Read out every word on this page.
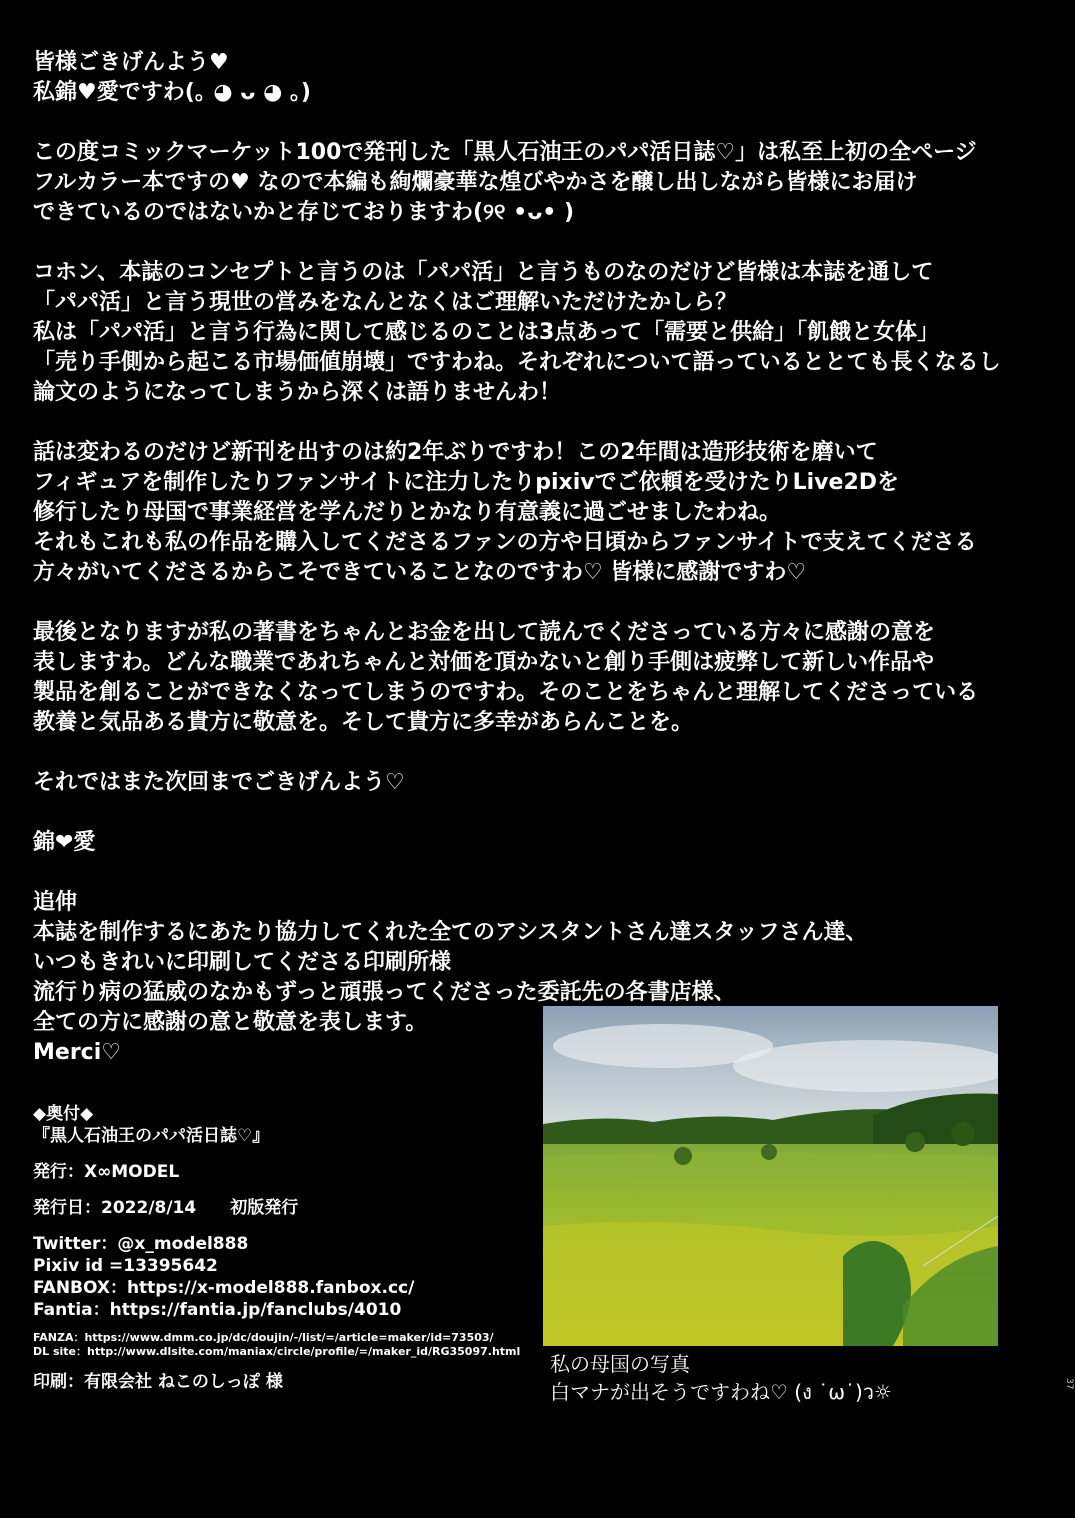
皆様ごきげんよう♥
私錦♥愛ですわ(｡ ◕ ᴗ ◕ ｡)
この度コミックマーケット100で発刊した「黒人石油王のパパ活日誌♡」は私至上初の全ページ
フルカラー本ですの♥ なので本編も絢爛豪華な煌びやかさを醸し出しながら皆様にお届け
できているのではないかと存じておりますわ(୨୧ •ᴗ• )
コホン、本誌のコンセプトと言うのは「パパ活」と言うものなのだけど皆様は本誌を通して
「パパ活」と言う現世の営みをなんとなくはご理解いただけたかしら？
私は「パパ活」と言う行為に関して感じるのことは3点あって「需要と供給」「飢餓と女体」
「売り手側から起こる市場価値崩壊」ですわね。それぞれについて語っているととても長くなるし
論文のようになってしまうから深くは語りませんわ！
話は変わるのだけど新刊を出すのは約2年ぶりですわ！この2年間は造形技術を磨いて
フィギュアを制作したりファンサイトに注力したりpixivでご依頼を受けたりLive2Dを
修行したり母国で事業経営を学んだりとかなり有意義に過ごせましたわね。
それもこれも私の作品を購入してくださるファンの方や日頃からファンサイトで支えてくださる
方々がいてくださるからこそできていることなのですわ♡ 皆様に感謝ですわ♡
最後となりますが私の著書をちゃんとお金を出して読んでくださっている方々に感謝の意を
表しますわ。どんな職業であれちゃんと対価を頂かないと創り手側は疲弊して新しい作品や
製品を創ることができなくなってしまうのですわ。そのことをちゃんと理解してくださっている
教養と気品ある貴方に敬意を。そして貴方に多幸があらんことを。
それではまた次回までごきげんよう♡
錦❤愛
追伸
本誌を制作するにあたり協力してくれた全てのアシスタントさん達スタッフさん達、
いつもきれいに印刷してくださる印刷所様
流行り病の猛威のなかもずっと頑張ってくださった委託先の各書店様、
全ての方に感謝の意と敬意を表します。
Merci♡
◆奥付◆
『黒人石油王のパパ活日誌♡』
発行：X∞MODEL
発行日：2022/8/14 初版発行
Twitter：@x_model888
Pixiv id =13395642
FANBOX：https://x-model888.fanbox.cc/
Fantia：https://fantia.jp/fanclubs/4010
FANZA：https://www.dmm.co.jp/dc/doujin/-/list/=/article=maker/id=73503/
DL site：http://www.dlsite.com/maniax/circle/profile/=/maker_id/RG35097.html
印刷：有限会社 ねこのしっぽ 様
私の母国の写真
白マナが出そうですわね♡ (ง ˙ω˙)ว☼	37
